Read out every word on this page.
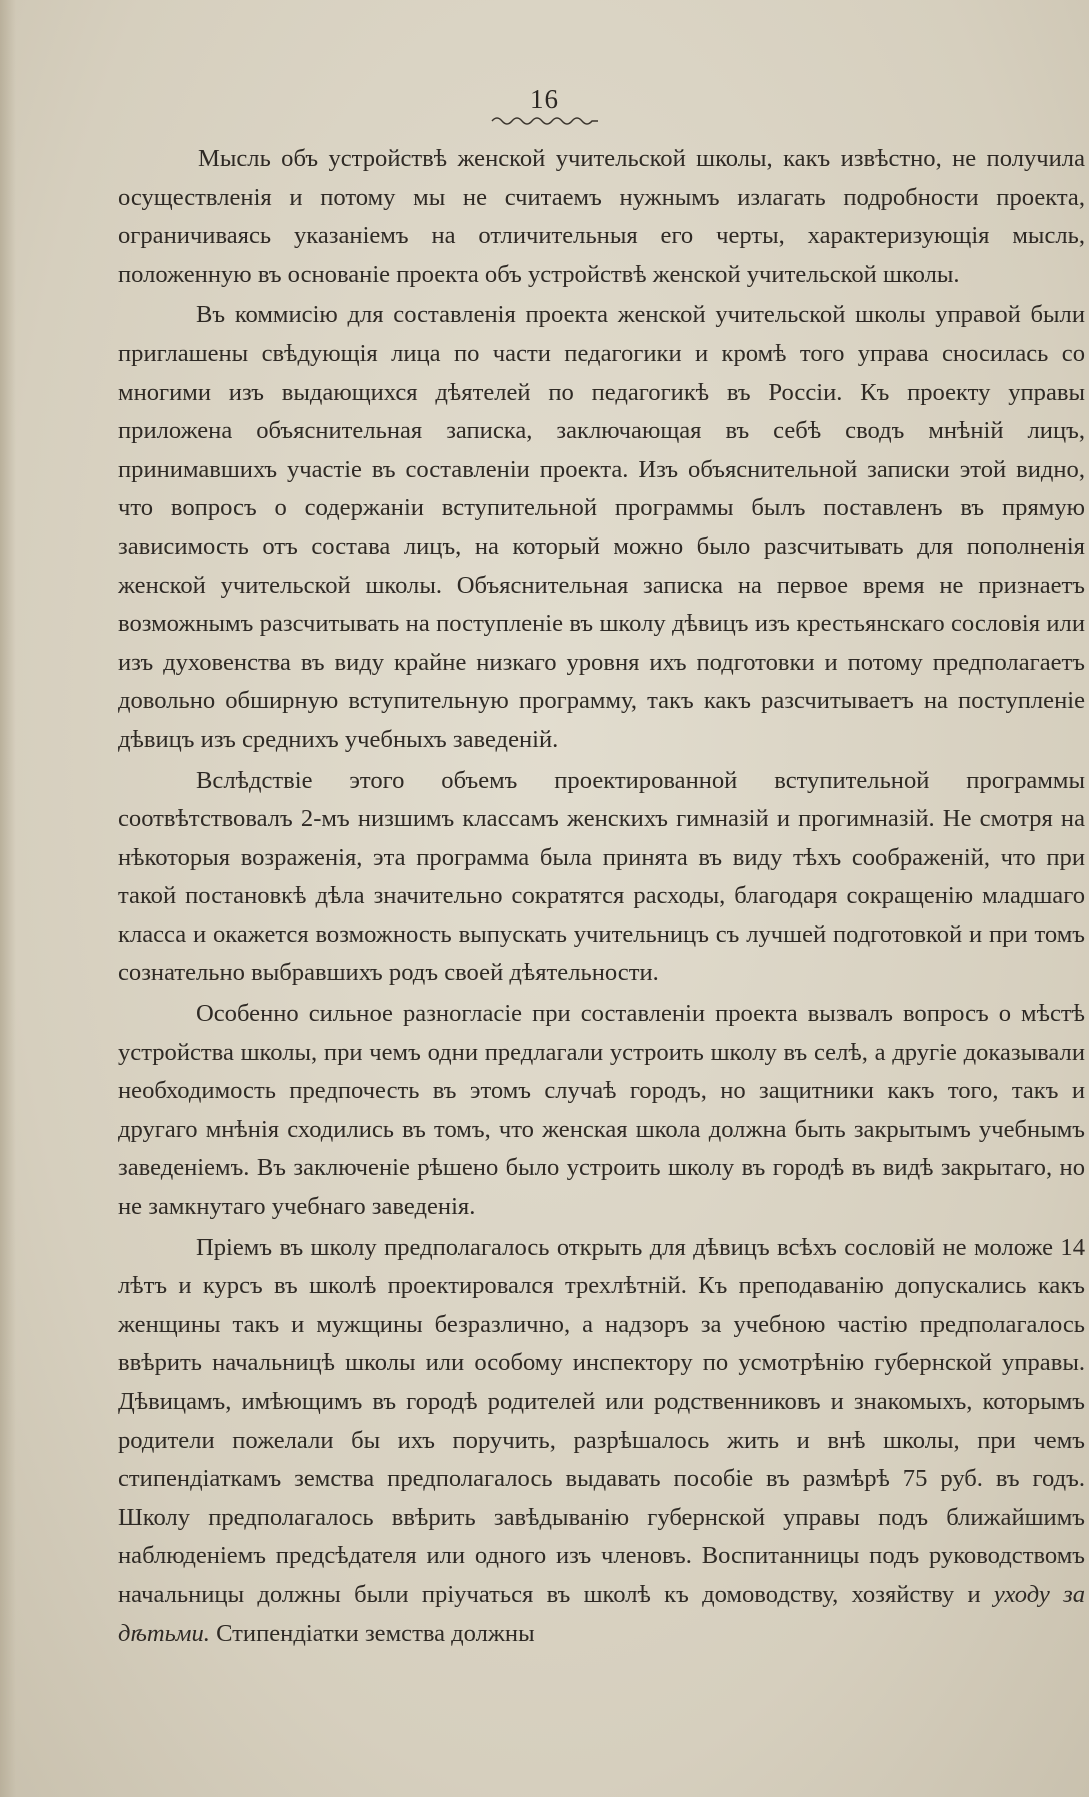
16

Мысль объ устройствѣ женской учительской школы, какъ извѣстно, не получила осуществленія и потому мы не считаемъ нужнымъ излагать подробности проекта, ограничиваясь указаніемъ на отличительныя его черты, характеризующія мысль, положенную въ основаніе проекта объ устройствѣ женской учительской школы.

Въ коммисію для составленія проекта женской учительской школы управой были приглашены свѣдующія лица по части педагогики и кромѣ того управа сносилась со многими изъ выдающихся дѣятелей по педагогикѣ въ Россіи. Къ проекту управы приложена объяснительная записка, заключающая въ себѣ сводъ мнѣній лицъ, принимавшихъ участіе въ составленіи проекта. Изъ объяснительной записки этой видно, что вопросъ о содержаніи вступительной программы былъ поставленъ въ прямую зависимость отъ состава лицъ, на который можно было разсчитывать для пополненія женской учительской школы. Объяснительная записка на первое время не признаетъ возможнымъ разсчитывать на поступленіе въ школу дѣвицъ изъ крестьянскаго сословія или изъ духовенства въ виду крайне низкаго уровня ихъ подготовки и потому предполагаетъ довольно обширную вступительную программу, такъ какъ разсчитываетъ на поступленіе дѣвицъ изъ среднихъ учебныхъ заведеній.

Вслѣдствіе этого объемъ проектированной вступительной программы соотвѣтствовалъ 2-мъ низшимъ классамъ женскихъ гимназій и прогимназій. Не смотря на нѣкоторыя возраженія, эта программа была принята въ виду тѣхъ соображеній, что при такой постановкѣ дѣла значительно сократятся расходы, благодаря сокращенію младшаго класса и окажется возможность выпускать учительницъ съ лучшей подготовкой и при томъ сознательно выбравшихъ родъ своей дѣятельности.

Особенно сильное разногласіе при составленіи проекта вызвалъ вопросъ о мѣстѣ устройства школы, при чемъ одни предлагали устроить школу въ селѣ, а другіе доказывали необходимость предпочесть въ этомъ случаѣ городъ, но защитники какъ того, такъ и другаго мнѣнія сходились въ томъ, что женская школа должна быть закрытымъ учебнымъ заведеніемъ. Въ заключеніе рѣшено было устроить школу въ городѣ въ видѣ закрытаго, но не замкнутаго учебнаго заведенія.

Пріемъ въ школу предполагалось открыть для дѣвицъ всѣхъ сословій не моложе 14 лѣтъ и курсъ въ школѣ проектировался трехлѣтній. Къ преподаванію допускались какъ женщины такъ и мужщины безразлично, а надзоръ за учебною частію предполагалось ввѣрить начальницѣ школы или особому инспектору по усмотрѣнію губернской управы. Дѣвицамъ, имѣющимъ въ городѣ родителей или родственниковъ и знакомыхъ, которымъ родители пожелали бы ихъ поручить, разрѣшалось жить и внѣ школы, при чемъ стипендіаткамъ земства предполагалось выдавать пособіе въ размѣрѣ 75 руб. въ годъ. Школу предполагалось ввѣрить завѣдыванію губернской управы подъ ближайшимъ наблюденіемъ предсѣдателя или одного изъ членовъ. Воспитанницы подъ руководствомъ начальницы должны были пріучаться въ школѣ къ домоводству, хозяйству и уходу за дѣтьми. Стипендіатки земства должны
